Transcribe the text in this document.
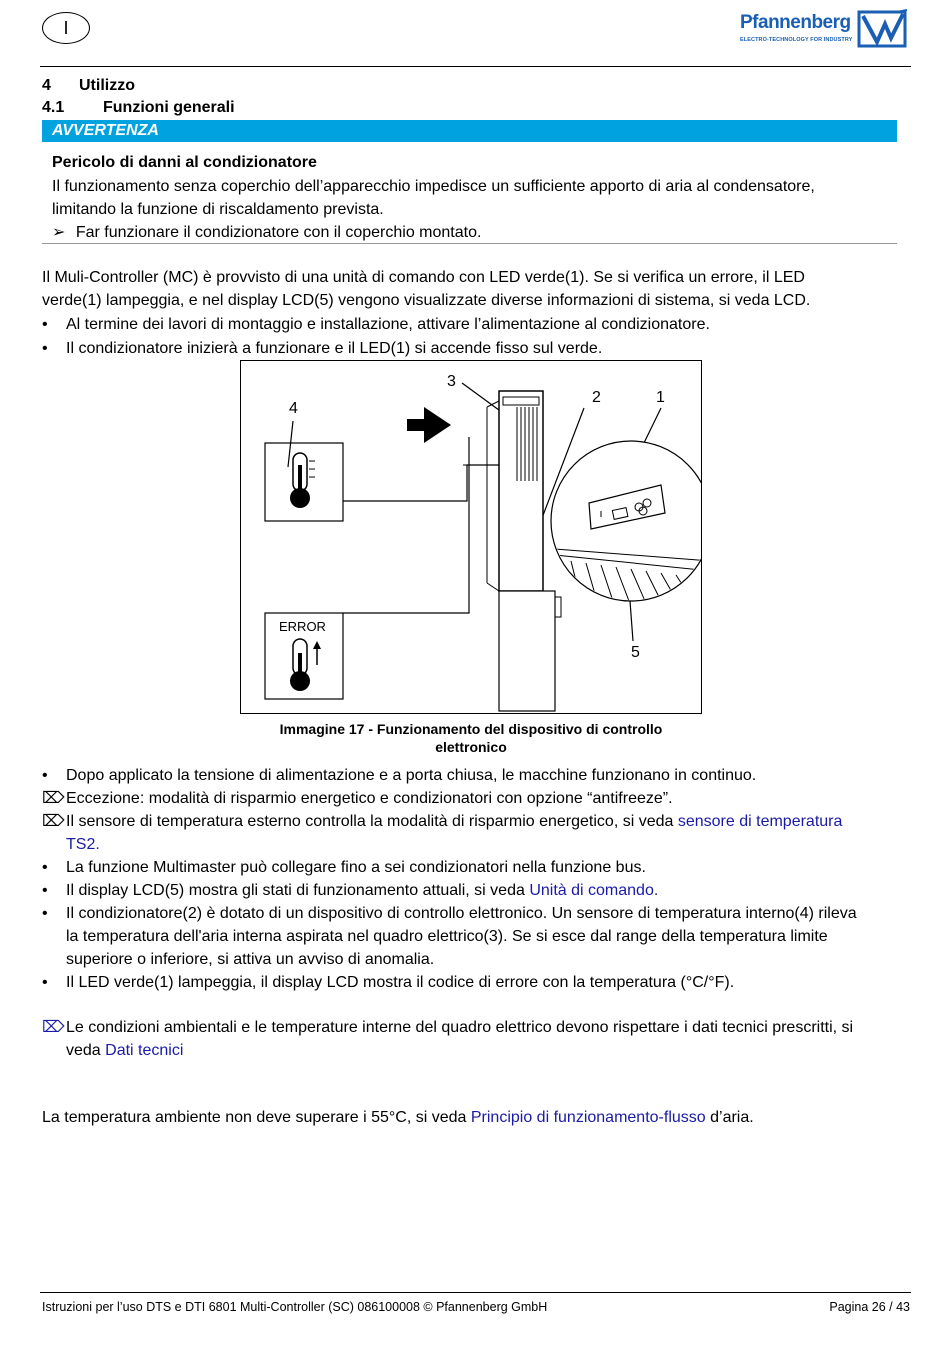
I	Pfannenberg
ELECTRO-TECHNOLOGY FOR INDUSTRY
4 Utilizzo
4.1 Funzioni generali
AVVERTENZA
Pericolo di danni al condizionatore
Il funzionamento senza coperchio dell’apparecchio impedisce un sufficiente apporto di aria al condensatore,
limitando la funzione di riscaldamento prevista.
➢ Far funzionare il condizionatore con il coperchio montato.
Il Muli-Controller (MC) è provvisto di una unità di comando con LED verde(1). Se si verifica un errore, il LED
verde(1) lampeggia, e nel display LCD(5) vengono visualizzate diverse informazioni di sistema, si veda LCD.
•	Al termine dei lavori di montaggio e installazione, attivare l’alimentazione al condizionatore.
•	Il condizionatore inizierà a funzionare e il LED(1) si accende fisso sul verde.
4
3
2	1
5
ERROR
Immagine 17 - Funzionamento del dispositivo di controllo
elettronico
•	Dopo applicato la tensione di alimentazione e a porta chiusa, le macchine funzionano in continuo.
⌦ Eccezione: modalità di risparmio energetico e condizionatori con opzione “antifreeze”.
⌦ Il sensore di temperatura esterno controlla la modalità di risparmio energetico, si veda sensore di temperatura
TS2.
•	La funzione Multimaster può collegare fino a sei condizionatori nella funzione bus.
•	Il display LCD(5) mostra gli stati di funzionamento attuali, si veda Unità di comando.
•	Il condizionatore(2) è dotato di un dispositivo di controllo elettronico. Un sensore di temperatura interno(4) rileva
la temperatura dell'aria interna aspirata nel quadro elettrico(3). Se si esce dal range della temperatura limite
superiore o inferiore, si attiva un avviso di anomalia.
•	Il LED verde(1) lampeggia, il display LCD mostra il codice di errore con la temperatura (°C/°F).
⌦ Le condizioni ambientali e le temperature interne del quadro elettrico devono rispettare i dati tecnici prescritti, si
veda Dati tecnici
La temperatura ambiente non deve superare i 55°C, si veda Principio di funzionamento-flusso d’aria.
Istruzioni per l’uso DTS e DTI 6801 Multi-Controller (SC) 086100008 © Pfannenberg GmbH	Pagina 26 / 43
